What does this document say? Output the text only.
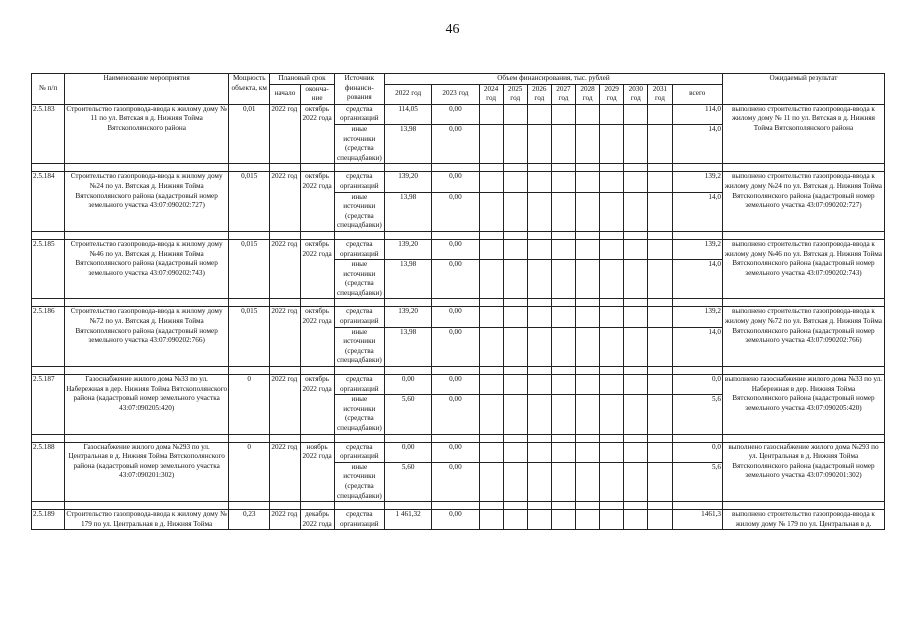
46
№ п/п	Наименование мероприятия	Мощность объекта, км	Плановый срок		Источник финанси-рования	Объем финансирования, тыс. рублей											Ожидаемый результат
			начало	оконча-ние		2022 год	2023 год	2024 год	2025 год	2026 год	2027 год	2028 год	2029 год	2030 год	2031 год	всего	
2.5.183	Строительство газопровода-ввода к жилому дому № 11 по ул. Вятская в д. Нижняя Тойма Вятскополянского района	0,01	2022 год	октябрь 2022 года	средства организаций	114,05	0,00									114,0	выполнено строительство газопровода-ввода к жилому дому № 11 по ул. Вятская в д. Нижняя Тойма Вятскополянского района
					иные источники (средства спецнадбавки)	13,98	0,00									14,0	

2.5.184	Строительство газопровода-ввода к жилому дому №24 по ул. Вятская д. Нижняя Тойма Вятскополянского района (кадастровый номер земельного участка 43:07:090202:727)	0,015	2022 год	октябрь 2022 года	средства организаций	139,20	0,00									139,2	выполнено строительство газопровода-ввода к жилому дому №24 по ул. Вятская д. Нижняя Тойма Вятскополянского района (кадастровый номер земельного участка 43:07:090202:727)
					иные источники (средства спецнадбавки)	13,98	0,00									14,0	

2.5.185	Строительство газопровода-ввода к жилому дому №46 по ул. Вятская д. Нижняя Тойма Вятскополянского района (кадастровый номер земельного участка 43:07:090202:743)	0,015	2022 год	октябрь 2022 года	средства организаций	139,20	0,00									139,2	выполнено строительство газопровода-ввода к жилому дому №46 по ул. Вятская д. Нижняя Тойма Вятскополянского района (кадастровый номер земельного участка 43:07:090202:743)
					иные источники (средства спецнадбавки)	13,98	0,00									14,0	

2.5.186	Строительство газопровода-ввода к жилому дому №72 по ул. Вятская д. Нижняя Тойма Вятскополянского района (кадастровый номер земельного участка 43:07:090202:766)	0,015	2022 год	октябрь 2022 года	средства организаций	139,20	0,00									139,2	выполнено строительство газопровода-ввода к жилому дому №72 по ул. Вятская д. Нижняя Тойма Вятскополянского района (кадастровый номер земельного участка 43:07:090202:766)
					иные источники (средства спецнадбавки)	13,98	0,00									14,0	

2.5.187	Газоснабжение жилого дома №33 по ул. Набережная в дер. Нижняя Тойма Вятскополянского района (кадастровый номер земельного участка 43:07:090205:420)	0	2022 год	октябрь 2022 года	средства организаций	0,00	0,00									0,0	выполнено газоснабжение жилого дома №33 по ул. Набережная в дер. Нижняя Тойма Вятскополянского района (кадастровый номер земельного участка 43:07:090205:420)
					иные источники (средства спецнадбавки)	5,60	0,00									5,6	

2.5.188	Газоснабжение жилого дома №293 по ул. Центральная в д. Нижняя Тойма Вятскополянского района (кадастровый номер земельного участка 43:07:090201:302)	0	2022 год	ноябрь 2022 года	средства организаций	0,00	0,00									0,0	выполнено газоснабжение жилого дома №293 по ул. Центральная в д. Нижняя Тойма Вятскополянского района (кадастровый номер земельного участка 43:07:090201:302)
					иные источники (средства спецнадбавки)	5,60	0,00									5,6	

2.5.189	Строительство газопровода-ввода к жилому дому № 179 по ул. Центральная в д. Нижняя Тойма	0,23	2022 год	декабрь 2022 года	средства организаций	1 461,32	0,00									1461,3	выполнено строительство газопровода-ввода к жилому дому № 179 по ул. Центральная в д.
